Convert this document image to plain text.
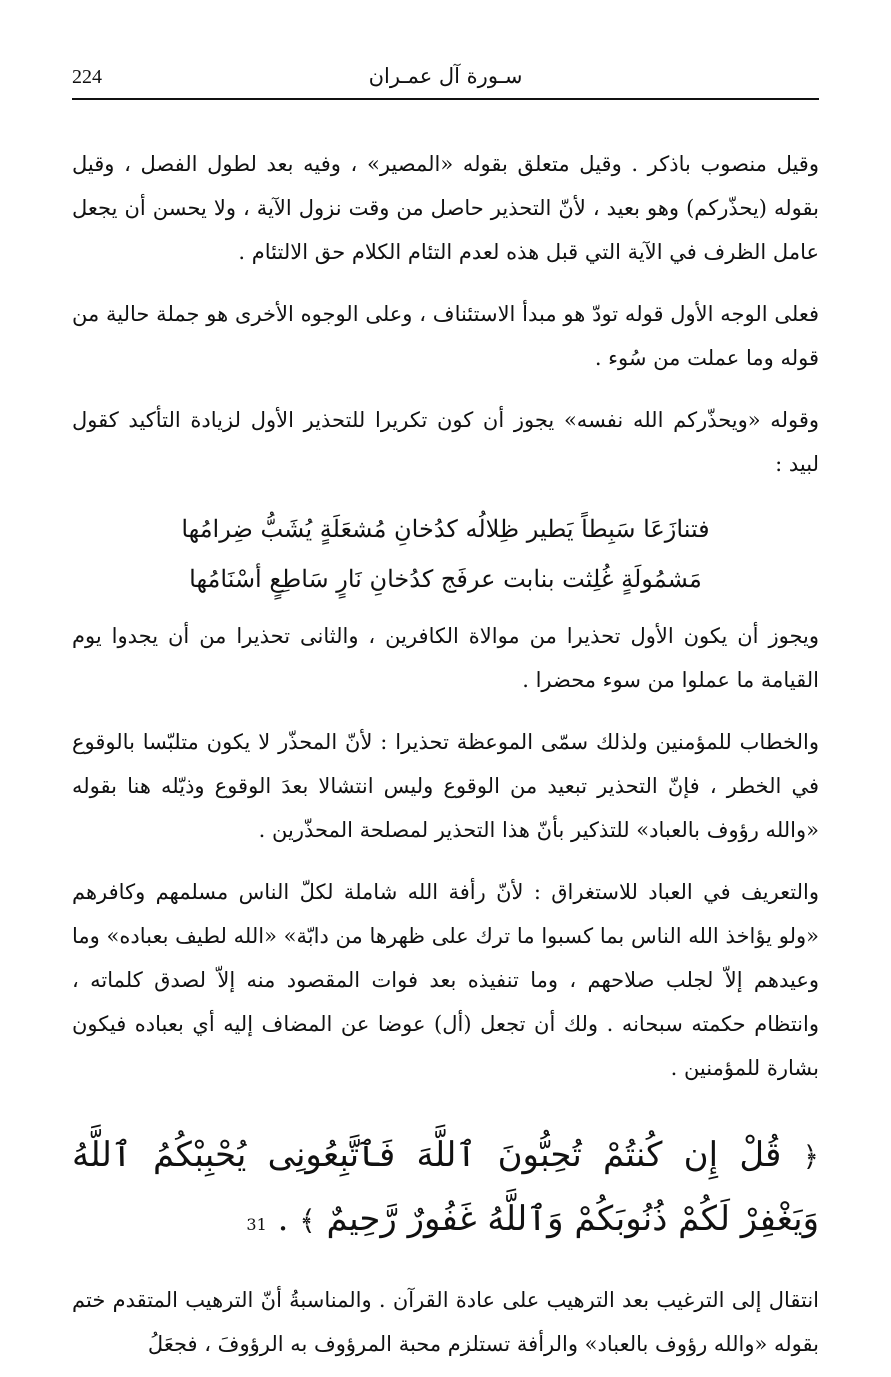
224	سـورة آل عمـران

وقيل منصوب باذكر . وقيل متعلق بقوله «المصير» ، وفيه بعد لطول الفصل ، وقيل بقوله (يحذّركم) وهو بعيد ، لأنّ التحذير حاصل من وقت نزول الآية ، ولا يحسن أن يجعل عامل الظرف في الآية التي قبل هذه لعدم التئام الكلام حق الالتئام .

فعلى الوجه الأول قوله تودّ هو مبدأ الاستئناف ، وعلى الوجوه الأخرى هو جملة حالية من قوله وما عملت من سُوء .

وقوله «ويحذّركم الله نفسه» يجوز أن كون تكريرا للتحذير الأول لزيادة التأكيد كقول لبيد :

فتنازَعَا سَبِطاً يَطير ظِلالُه كدُخانِ مُشعَلَةٍ يُشَبُّ ضِرامُها
مَشمُولَةٍ غُلِثت بنابت عرفَج كدُخانِ نَارٍ سَاطِعٍ أسْنَامُها

ويجوز أن يكون الأول تحذيرا من موالاة الكافرين ، والثانى تحذيرا من أن يجدوا يوم القيامة ما عملوا من سوء محضرا .

والخطاب للمؤمنين ولذلك سمّى الموعظة تحذيرا : لأنّ المحذّر لا يكون متلبّسا بالوقوع في الخطر ، فإنّ التحذير تبعيد من الوقوع وليس انتشالا بعدَ الوقوع وذيّله هنا بقوله «والله رؤوف بالعباد» للتذكير بأنّ هذا التحذير لمصلحة المحذّرين .

والتعريف في العباد للاستغراق : لأنّ رأفة الله شاملة لكلّ الناس مسلمهم وكافرهم «ولو يؤاخذ الله الناس بما كسبوا ما ترك على ظهرها من دابّة» «الله لطيف بعباده» وما وعيدهم إلاّ لجلب صلاحهم ، وما تنفيذه بعد فوات المقصود منه إلاّ لصدق كلماته ، وانتظام حكمته سبحانه . ولك أن تجعل (أل) عوضا عن المضاف إليه أي بعباده فيكون بشارة للمؤمنين .

﴿ قُلْ إِن كُنتُمْ تُحِبُّونَ ٱللَّهَ فَٱتَّبِعُونِى يُحْبِبْكُمُ ٱللَّهُ وَيَغْفِرْ لَكُمْ ذُنُوبَكُمْ وَٱللَّهُ غَفُورٌ رَّحِيمٌ ﴾ . 31

انتقال إلى الترغيب بعد الترهيب على عادة القرآن . والمناسبةُ أنّ الترهيب المتقدم ختم بقوله «والله رؤوف بالعباد» والرأفة تستلزم محبة المرؤوف به الرؤوفَ ، فجعَلُ
